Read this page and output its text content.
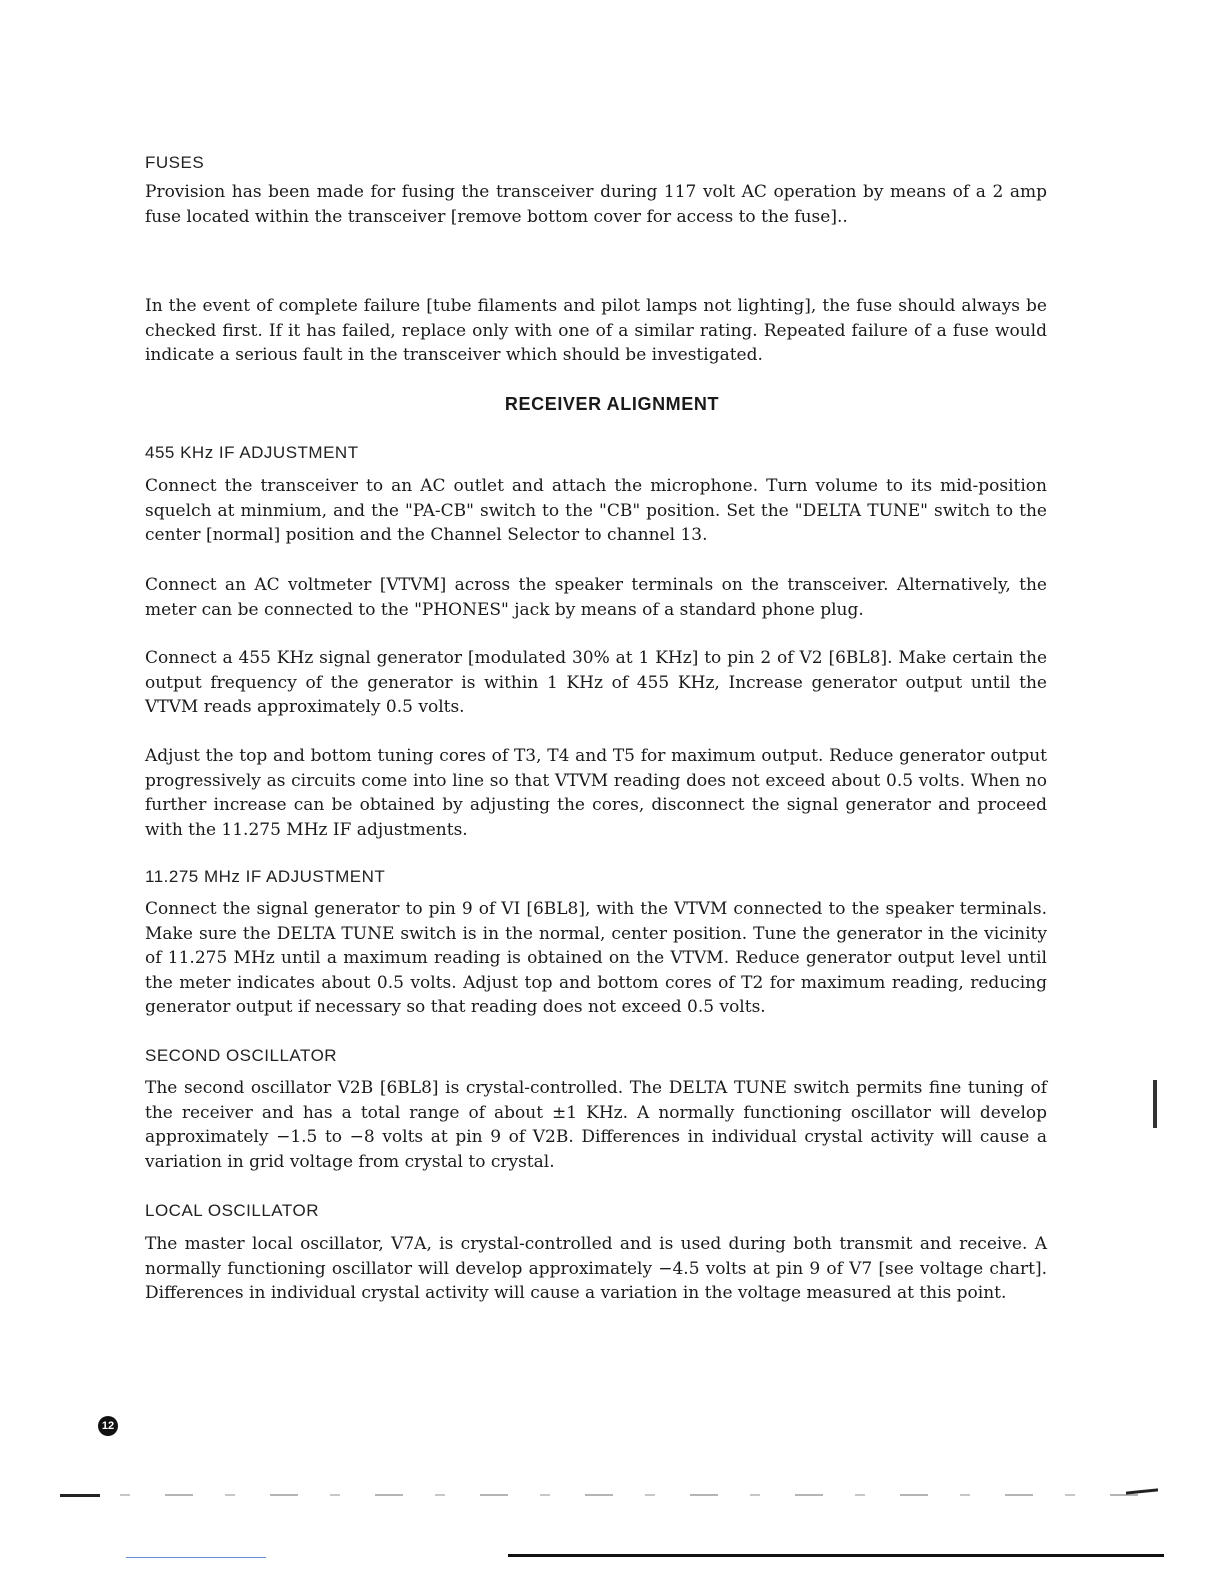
FUSES
Provision has been made for fusing the transceiver during 117 volt AC operation by means of a 2 amp fuse located within the transceiver [remove bottom cover for access to the fuse]..
In the event of complete failure [tube filaments and pilot lamps not lighting], the fuse should always be checked first. If it has failed, replace only with one of a similar rating. Repeated failure of a fuse would indicate a serious fault in the transceiver which should be investigated.
RECEIVER ALIGNMENT
455 KHz IF ADJUSTMENT
Connect the transceiver to an AC outlet and attach the microphone. Turn volume to its mid-position squelch at minmium, and the "PA-CB" switch to the "CB" position. Set the "DELTA TUNE" switch to the center [normal] position and the Channel Selector to channel 13.
Connect an AC voltmeter [VTVM] across the speaker terminals on the transceiver. Alternatively, the meter can be connected to the "PHONES" jack by means of a standard phone plug.
Connect a 455 KHz signal generator [modulated 30% at 1 KHz] to pin 2 of V2 [6BL8]. Make certain the output frequency of the generator is within 1 KHz of 455 KHz, Increase generator output until the VTVM reads approximately 0.5 volts.
Adjust the top and bottom tuning cores of T3, T4 and T5 for maximum output. Reduce generator output progressively as circuits come into line so that VTVM reading does not exceed about 0.5 volts. When no further increase can be obtained by adjusting the cores, disconnect the signal generator and proceed with the 11.275 MHz IF adjustments.
11.275 MHz IF ADJUSTMENT
Connect the signal generator to pin 9 of VI [6BL8], with the VTVM connected to the speaker terminals. Make sure the DELTA TUNE switch is in the normal, center position. Tune the generator in the vicinity of 11.275 MHz until a maximum reading is obtained on the VTVM. Reduce generator output level until the meter indicates about 0.5 volts. Adjust top and bottom cores of T2 for maximum reading, reducing generator output if necessary so that reading does not exceed 0.5 volts.
SECOND OSCILLATOR
The second oscillator V2B [6BL8] is crystal-controlled. The DELTA TUNE switch permits fine tuning of the receiver and has a total range of about ±1 KHz. A normally functioning oscillator will develop approximately −1.5 to −8 volts at pin 9 of V2B. Differences in individual crystal activity will cause a variation in grid voltage from crystal to crystal.
LOCAL OSCILLATOR
The master local oscillator, V7A, is crystal-controlled and is used during both transmit and receive. A normally functioning oscillator will develop approximately −4.5 volts at pin 9 of V7 [see voltage chart]. Differences in individual crystal activity will cause a variation in the voltage measured at this point.
12
